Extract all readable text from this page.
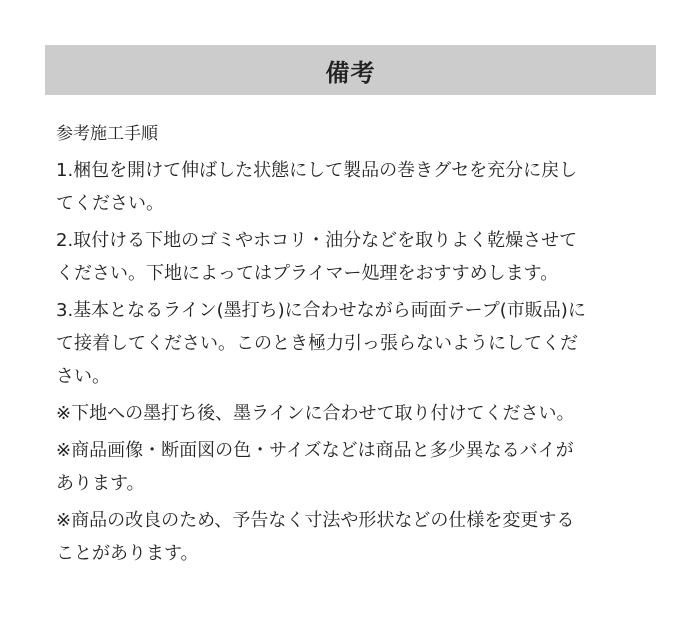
備考

参考施工手順

1.梱包を開けて伸ばした状態にして製品の巻きグセを充分に戻し
てください。

2.取付ける下地のゴミやホコリ・油分などを取りよく乾燥させて
ください。下地によってはプライマー処理をおすすめします。

3.基本となるライン(墨打ち)に合わせながら両面テープ(市販品)に
て接着してください。このとき極力引っ張らないようにしてくだ
さい。

※下地への墨打ち後、墨ラインに合わせて取り付けてください。

※商品画像・断面図の色・サイズなどは商品と多少異なるバイが
あります。

※商品の改良のため、予告なく寸法や形状などの仕様を変更する
ことがあります。
